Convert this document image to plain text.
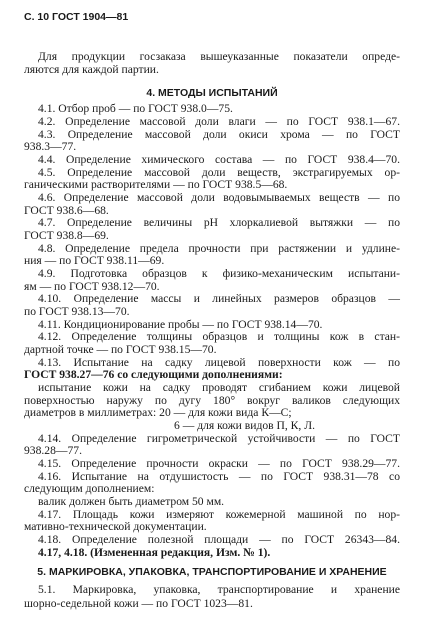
С. 10 ГОСТ 1904—81
Для продукции госзаказа вышеуказанные показатели опреде-
ляются для каждой партии.
4. МЕТОДЫ ИСПЫТАНИЙ
4.1. Отбор проб — по ГОСТ 938.0—75.
4.2. Определение массовой доли влаги — по ГОСТ 938.1—67.
4.3. Определение массовой доли окиси хрома — по ГОСТ
938.3—77.
4.4. Определение химического состава — по ГОСТ 938.4—70.
4.5. Определение массовой доли веществ, экстрагируемых ор-
ганическими растворителями — по ГОСТ 938.5—68.
4.6. Определение массовой доли водовымываемых веществ — по
ГОСТ 938.6—68.
4.7. Определение величины pH хлоркалиевой вытяжки — по
ГОСТ 938.8—69.
4.8. Определение предела прочности при растяжении и удлине-
ния — по ГОСТ 938.11—69.
4.9. Подготовка образцов к физико-механическим испытани-
ям — по ГОСТ 938.12—70.
4.10. Определение массы и линейных размеров образцов —
по ГОСТ 938.13—70.
4.11. Кондиционирование пробы — по ГОСТ 938.14—70.
4.12. Определение толщины образцов и толщины кож в стан-
дартной точке — по ГОСТ 938.15—70.
4.13. Испытание на садку лицевой поверхности кож — по
ГОСТ 938.27—76 со следующими дополнениями:
испытание кожи на садку проводят сгибанием кожи лицевой
поверхностью наружу по дугу 180° вокруг валиков следующих
диаметров в миллиметрах: 20 — для кожи вида К—С;
6 — для кожи видов П, К, Л.
4.14. Определение гигрометрической устойчивости — по ГОСТ
938.28—77.
4.15. Определение прочности окраски — по ГОСТ 938.29—77.
4.16. Испытание на отдушистость — по ГОСТ 938.31—78 со
следующим дополнением:
валик должен быть диаметром 50 мм.
4.17. Площадь кожи измеряют кожемерной машиной по нор-
мативно-технической документации.
4.18. Определение полезной площади — по ГОСТ 26343—84.
4.17, 4.18. (Измененная редакция, Изм. № 1).
5. МАРКИРОВКА, УПАКОВКА, ТРАНСПОРТИРОВАНИЕ И ХРАНЕНИЕ
5.1. Маркировка, упаковка, транспортирование и хранение
шорно-седельной кожи — по ГОСТ 1023—81.
